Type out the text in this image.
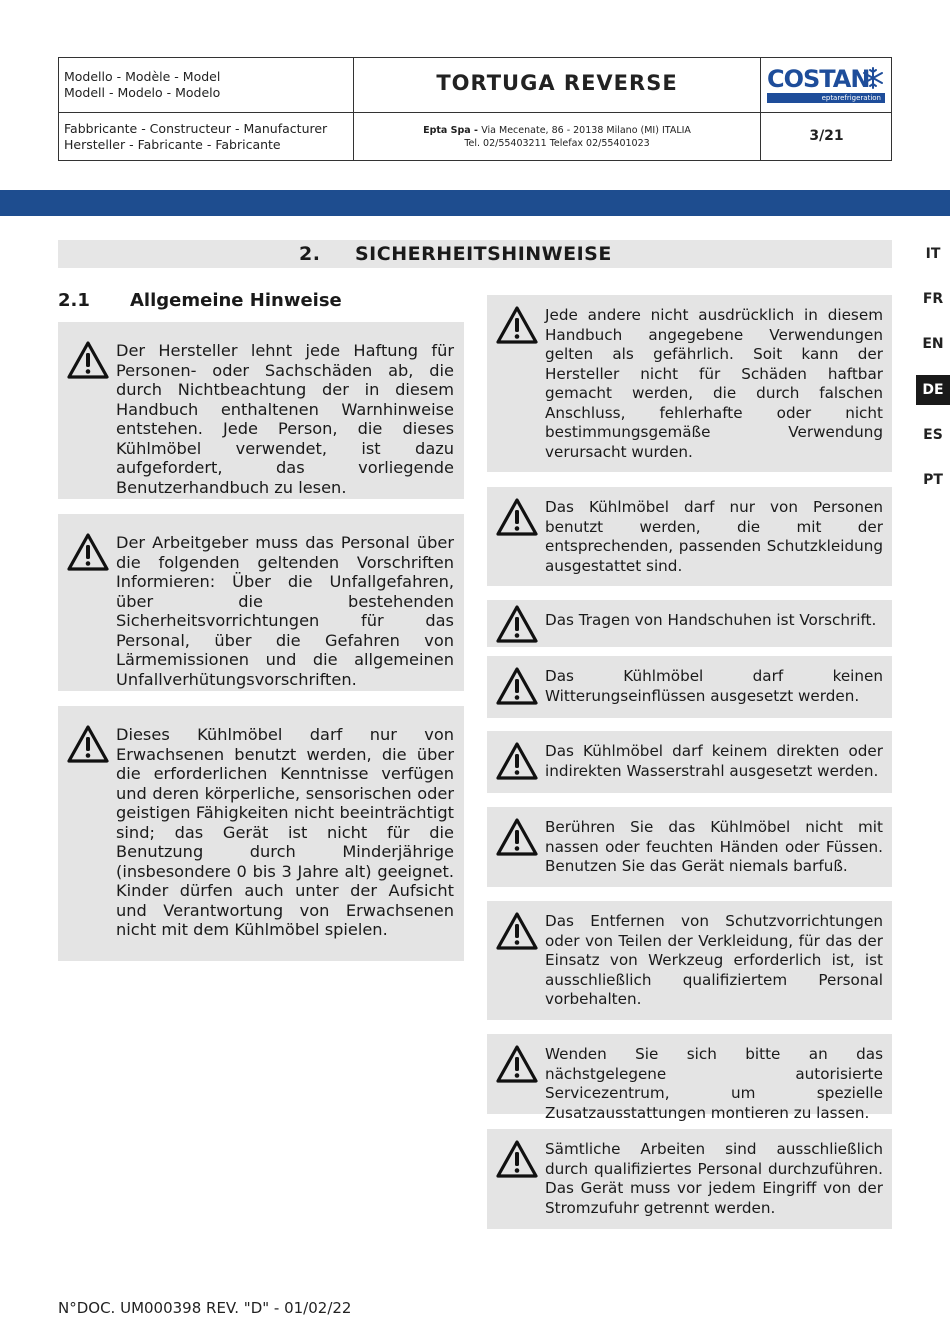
Modello - Modèle - Model
Modell - Modelo - Modelo
Fabbricante - Constructeur - Manufacturer
Hersteller - Fabricante - Fabricante
TORTUGA REVERSE
Epta Spa - Via Mecenate, 86 - 20138 Milano (MI) ITALIA
Tel. 02/55403211 Telefax 02/55401023
COSTAN
eptarefrigeration
3/21
2. SICHERHEITSHINWEISE
2.1 Allgemeine Hinweise

Der Hersteller lehnt jede Haftung für Personen- oder Sachschäden ab, die durch Nichtbeachtung der in diesem Handbuch enthaltenen Warnhinweise entstehen. Jede Person, die dieses Kühlmöbel verwendet, ist dazu aufgefordert, das vorliegende Benutzerhandbuch zu lesen.

Der Arbeitgeber muss das Personal über die folgenden geltenden Vorschriften Informieren: Über die Unfallgefahren, über die bestehenden Sicherheitsvorrichtungen für das Personal, über die Gefahren von Lärmemissionen und die allgemeinen Unfallverhütungsvorschriften.

Dieses Kühlmöbel darf nur von Erwachsenen benutzt werden, die über die erforderlichen Kenntnisse verfügen und deren körperliche, sensorischen oder geistigen Fähigkeiten nicht beeinträchtigt sind; das Gerät ist nicht für die Benutzung durch Minderjährige (insbesondere 0 bis 3 Jahre alt) geeignet. Kinder dürfen auch unter der Aufsicht und Verantwortung von Erwachsenen nicht mit dem Kühlmöbel spielen.

Jede andere nicht ausdrücklich in diesem Handbuch angegebene Verwendungen gelten als gefährlich. Soit kann der Hersteller nicht für Schäden haftbar gemacht werden, die durch falschen Anschluss, fehlerhafte oder nicht bestimmungsgemäße Verwendung verursacht wurden.

Das Kühlmöbel darf nur von Personen benutzt werden, die mit der entsprechenden, passenden Schutzkleidung ausgestattet sind.

Das Tragen von Handschuhen ist Vorschrift.

Das Kühlmöbel darf keinen Witterungseinflüssen ausgesetzt werden.

Das Kühlmöbel darf keinem direkten oder indirekten Wasserstrahl ausgesetzt werden.

Berühren Sie das Kühlmöbel nicht mit nassen oder feuchten Händen oder Füssen. Benutzen Sie das Gerät niemals barfuß.

Das Entfernen von Schutzvorrichtungen oder von Teilen der Verkleidung, für das der Einsatz von Werkzeug erforderlich ist, ist ausschließlich qualifiziertem Personal vorbehalten.

Wenden Sie sich bitte an das nächstgelegene autorisierte Servicezentrum, um spezielle Zusatzausstattungen montieren zu lassen.

Sämtliche Arbeiten sind ausschließlich durch qualifiziertes Personal durchzuführen. Das Gerät muss vor jedem Eingriff von der Stromzufuhr getrennt werden.

IT
FR
EN
DE
ES
PT
N°DOC. UM000398 REV. "D" - 01/02/22
